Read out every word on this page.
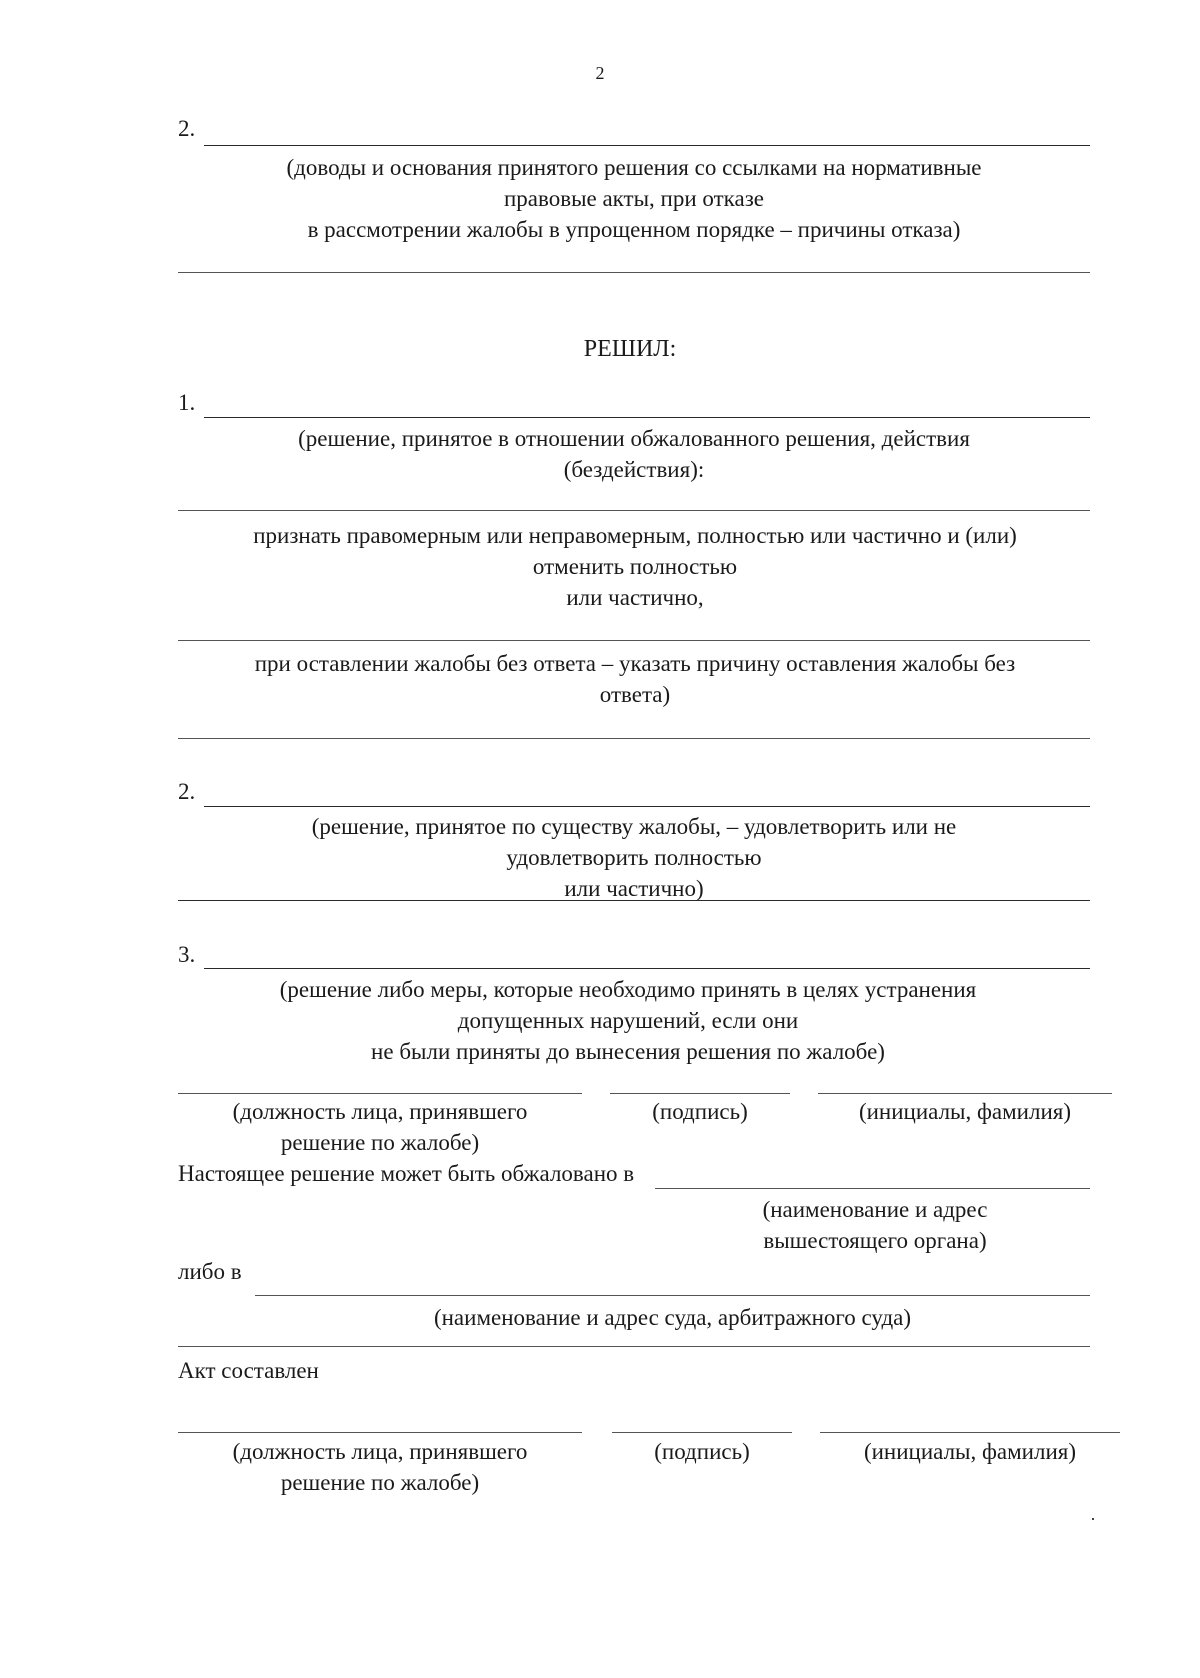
2
2.
(доводы и основания принятого решения со ссылками на нормативные
правовые акты, при отказе
в рассмотрении жалобы в упрощенном порядке – причины отказа)
РЕШИЛ:
1.
(решение, принятое в отношении обжалованного решения, действия
(бездействия):
признать правомерным или неправомерным, полностью или частично и (или)
отменить полностью
или частично,
при оставлении жалобы без ответа – указать причину оставления жалобы без
ответа)
2.
(решение, принятое по существу жалобы, – удовлетворить или не
удовлетворить полностью
или частично)
3.
(решение либо меры, которые необходимо принять в целях устранения
допущенных нарушений, если они
не были приняты до вынесения решения по жалобе)
(должность лица, принявшего
решение по жалобе)
(подпись)	(инициалы, фамилия)
Настоящее решение может быть обжаловано в
(наименование и адрес
вышестоящего органа)
либо в
(наименование и адрес суда, арбитражного суда)
Акт составлен
(должность лица, принявшего
решение по жалобе)
(подпись)	(инициалы, фамилия)
